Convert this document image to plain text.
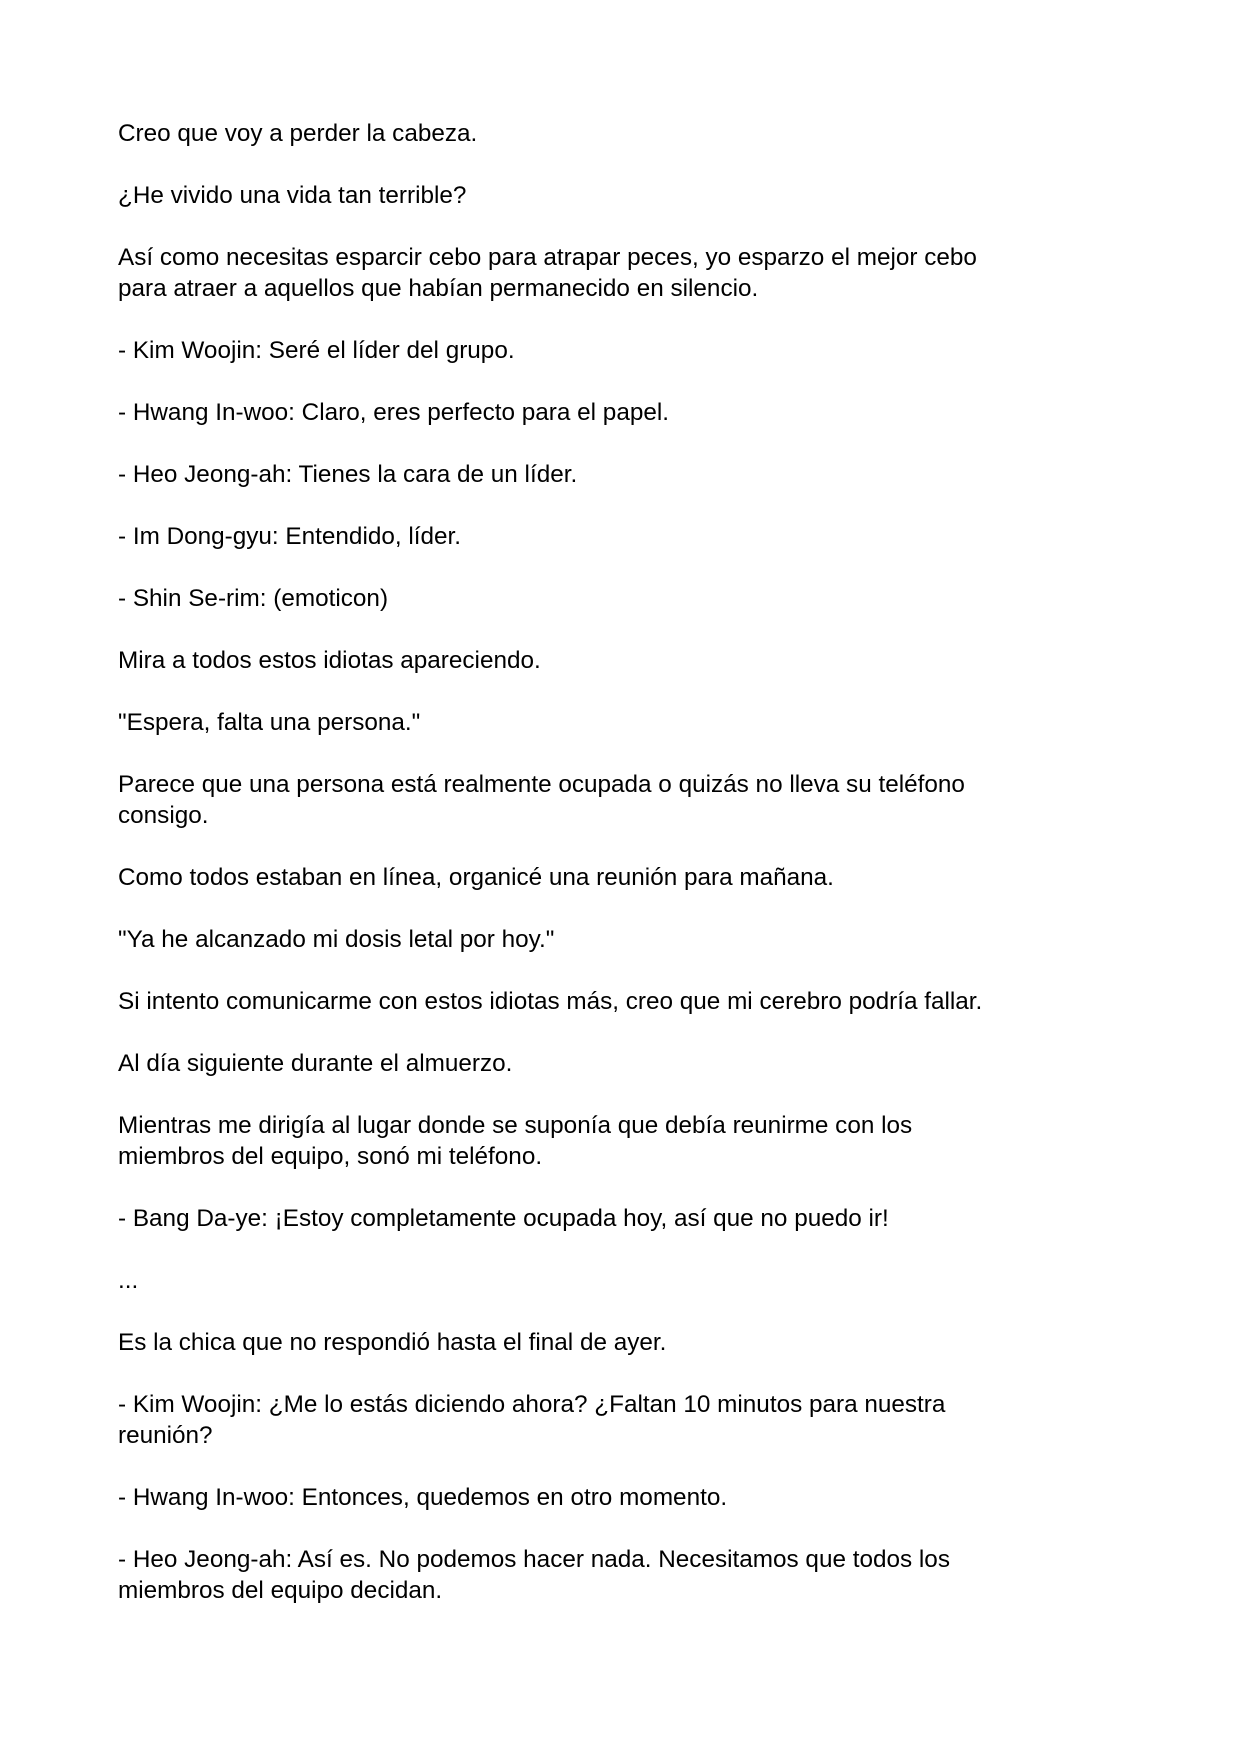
Creo que voy a perder la cabeza.

¿He vivido una vida tan terrible?

Así como necesitas esparcir cebo para atrapar peces, yo esparzo el mejor cebo
para atraer a aquellos que habían permanecido en silencio.

- Kim Woojin: Seré el líder del grupo.

- Hwang In-woo: Claro, eres perfecto para el papel.

- Heo Jeong-ah: Tienes la cara de un líder.

- Im Dong-gyu: Entendido, líder.

- Shin Se-rim: (emoticon)

Mira a todos estos idiotas apareciendo.

"Espera, falta una persona."

Parece que una persona está realmente ocupada o quizás no lleva su teléfono
consigo.

Como todos estaban en línea, organicé una reunión para mañana.

"Ya he alcanzado mi dosis letal por hoy."

Si intento comunicarme con estos idiotas más, creo que mi cerebro podría fallar.

Al día siguiente durante el almuerzo.

Mientras me dirigía al lugar donde se suponía que debía reunirme con los
miembros del equipo, sonó mi teléfono.

- Bang Da-ye: ¡Estoy completamente ocupada hoy, así que no puedo ir!

...

Es la chica que no respondió hasta el final de ayer.

- Kim Woojin: ¿Me lo estás diciendo ahora? ¿Faltan 10 minutos para nuestra
reunión?

- Hwang In-woo: Entonces, quedemos en otro momento.

- Heo Jeong-ah: Así es. No podemos hacer nada. Necesitamos que todos los
miembros del equipo decidan.
